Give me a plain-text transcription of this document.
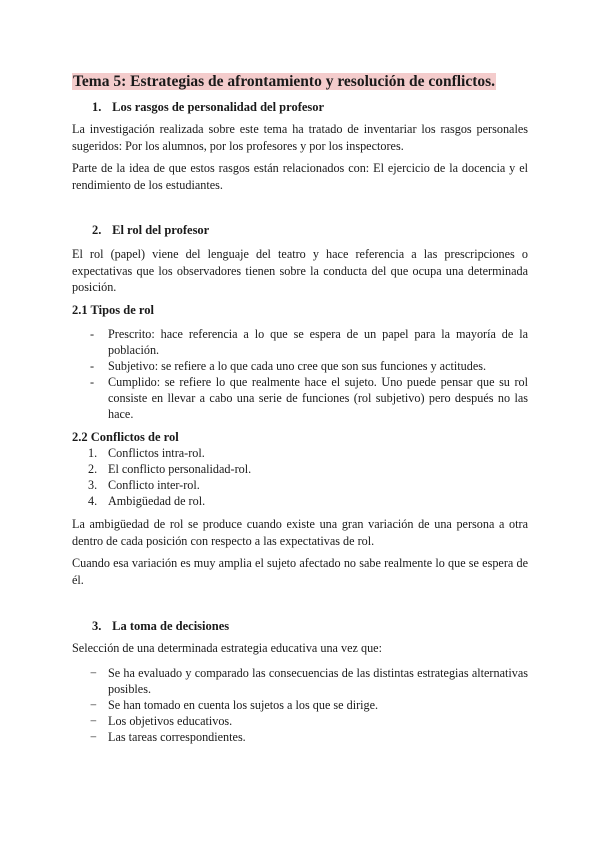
Tema 5: Estrategias de afrontamiento y resolución de conflictos.
1. Los rasgos de personalidad del profesor

La investigación realizada sobre este tema ha tratado de inventariar los rasgos personales sugeridos: Por los alumnos, por los profesores y por los inspectores.

Parte de la idea de que estos rasgos están relacionados con: El ejercicio de la docencia y el rendimiento de los estudiantes.

2. El rol del profesor

El rol (papel) viene del lenguaje del teatro y hace referencia a las prescripciones o expectativas que los observadores tienen sobre la conducta del que ocupa una determinada posición.

2.1 Tipos de rol
- Prescrito: hace referencia a lo que se espera de un papel para la mayoría de la población.
- Subjetivo: se refiere a lo que cada uno cree que son sus funciones y actitudes.
- Cumplido: se refiere lo que realmente hace el sujeto. Uno puede pensar que su rol consiste en llevar a cabo una serie de funciones (rol subjetivo) pero después no las hace.
2.2 Conflictos de rol
1. Conflictos intra-rol.
2. El conflicto personalidad-rol.
3. Conflicto inter-rol.
4. Ambigüedad de rol.

La ambigüedad de rol se produce cuando existe una gran variación de una persona a otra dentro de cada posición con respecto a las expectativas de rol.

Cuando esa variación es muy amplia el sujeto afectado no sabe realmente lo que se espera de él.

3. La toma de decisiones

Selección de una determinada estrategia educativa una vez que:

− Se ha evaluado y comparado las consecuencias de las distintas estrategias alternativas posibles.
− Se han tomado en cuenta los sujetos a los que se dirige.
− Los objetivos educativos.
− Las tareas correspondientes.
